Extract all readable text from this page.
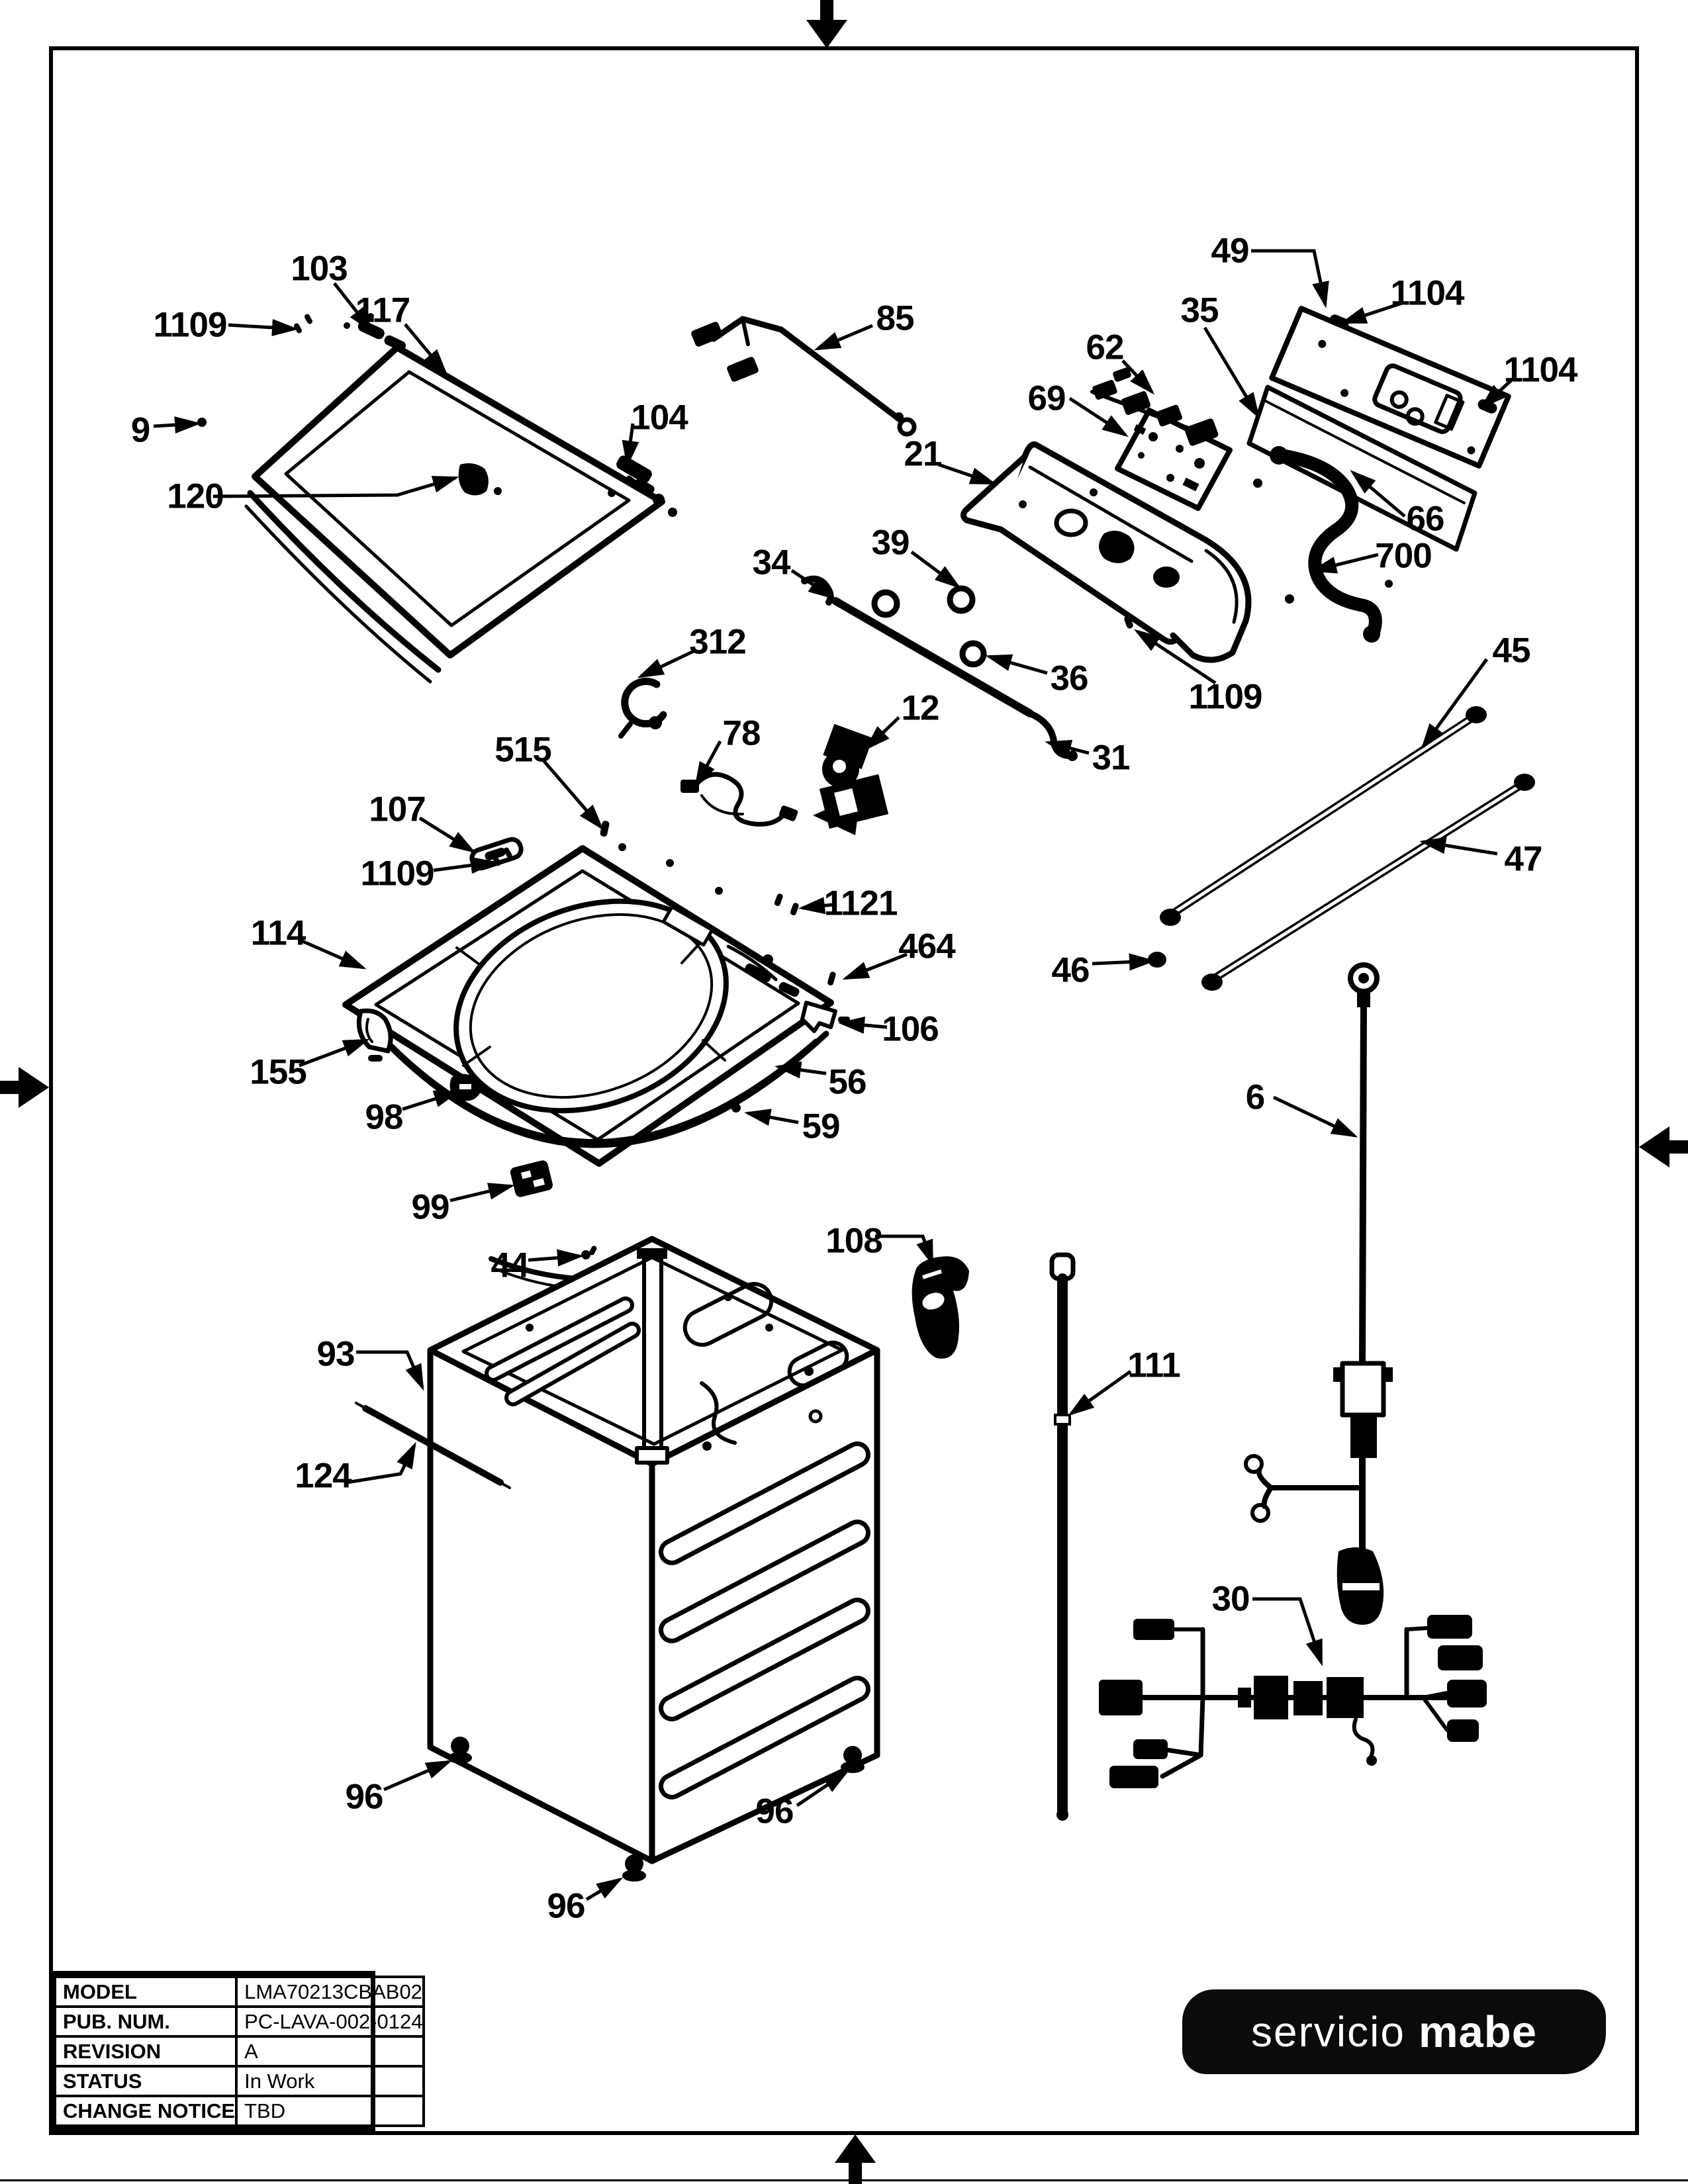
103
1109	117
104
9
120
85
49
35	1104
1104
62
69
21
66
700
1109
34
39
36
312
12
78
31
45
47
46
515
107
1109
114
1121
464
106
155
98
56
59
99
44
108
93
124
111
6
30
96	96
96
MODEL	LMA70213CBAB02
PUB. NUM.	PC-LAVA-002-0124
REVISION	A
STATUS	In Work
CHANGE NOTICE	TBD
servicio mabe
